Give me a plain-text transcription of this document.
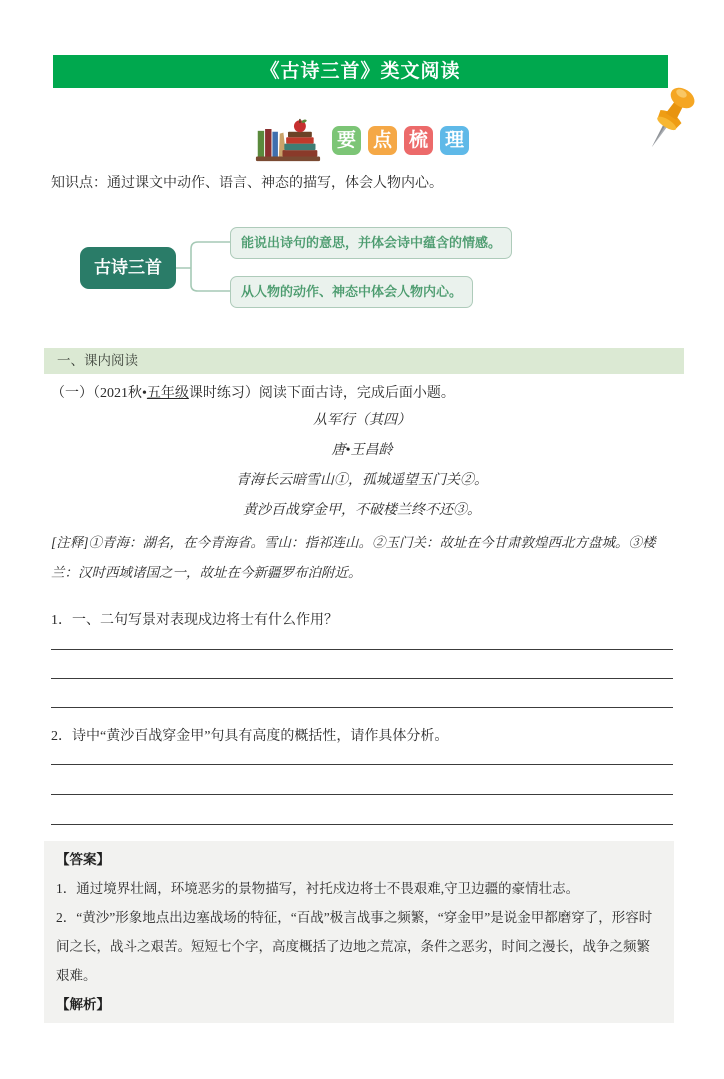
《古诗三首》类文阅读
要 点 梳 理
知识点：通过课文中动作、语言、神态的描写，体会人物内心。
古诗三首
能说出诗句的意思，并体会诗中蕴含的情感。
从人物的动作、神态中体会人物内心。
一、课内阅读
（一）（2021秋•五年级课时练习）阅读下面古诗，完成后面小题。
从军行（其四）
唐•王昌龄
青海长云暗雪山①，孤城遥望玉门关②。
黄沙百战穿金甲，不破楼兰终不还③。
[注释]①青海：湖名，在今青海省。雪山：指祁连山。②玉门关：故址在今甘肃敦煌西北方盘城。③楼兰：汉时西域诸国之一，故址在今新疆罗布泊附近。
1．一、二句写景对表现戍边将士有什么作用？
2．诗中“黄沙百战穿金甲”句具有高度的概括性，请作具体分析。
【答案】
1．通过境界壮阔，环境恶劣的景物描写，衬托戍边将士不畏艰难,守卫边疆的豪情壮志。
2．“黄沙”形象地点出边塞战场的特征，“百战”极言战事之频繁，“穿金甲”是说金甲都磨穿了，形容时间之长，战斗之艰苦。短短七个字，高度概括了边地之荒凉，条件之恶劣，时间之漫长，战争之频繁艰难。
【解析】
